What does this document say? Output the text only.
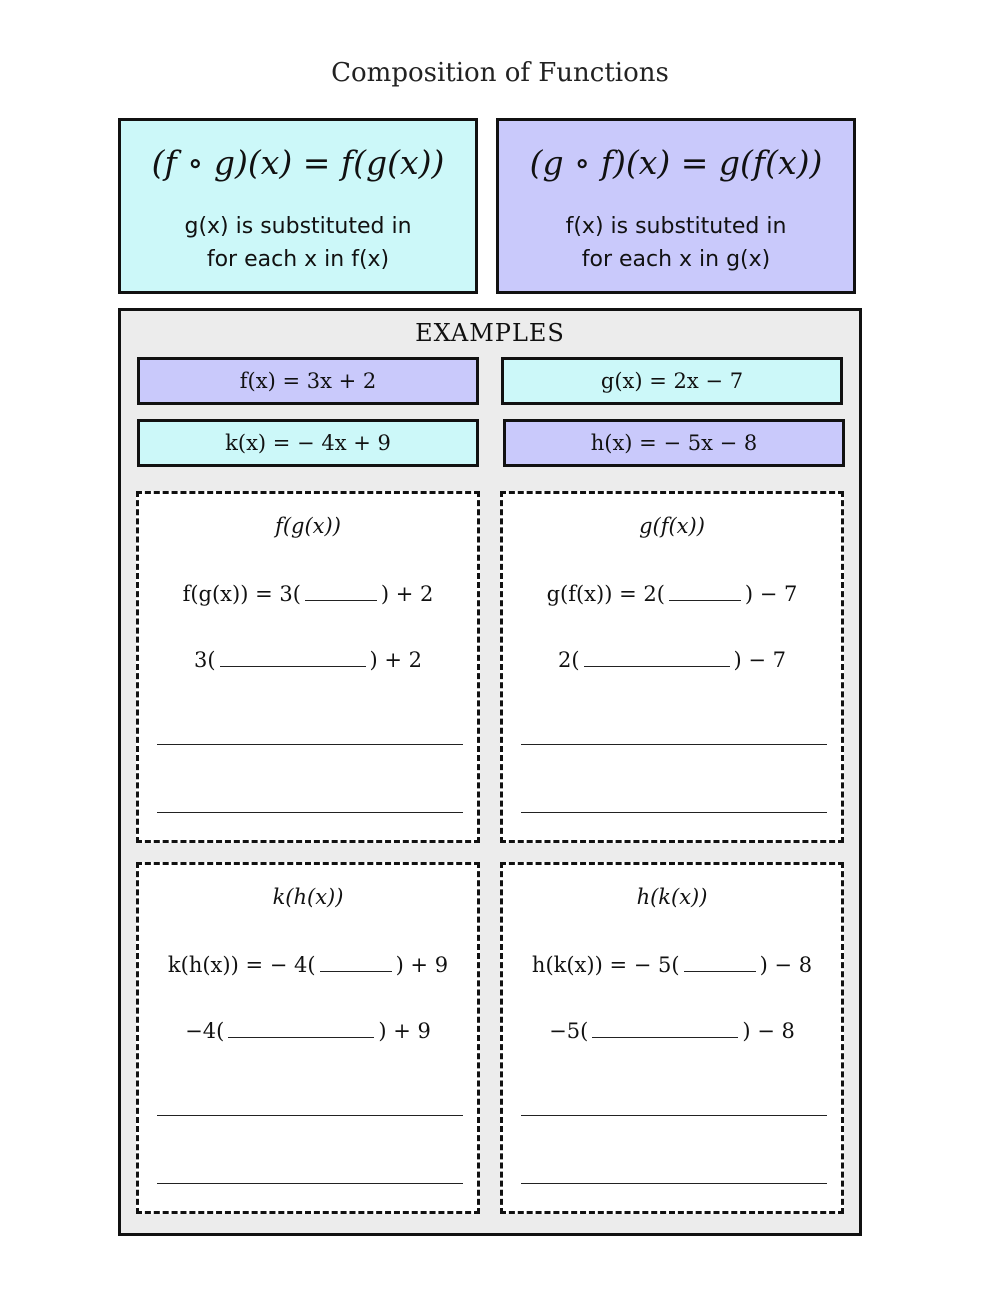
Composition of Functions
(f ∘ g)(x) = f(g(x))
g(x) is substituted in
for each x in f(x)
(g ∘ f)(x) = g(f(x))
f(x) is substituted in
for each x in g(x)
EXAMPLES
f(x) = 3x + 2	g(x) = 2x − 7
k(x) = − 4x + 9	h(x) = − 5x − 8
f(g(x))
f(g(x)) = 3(	) + 2
3(	) + 2
g(f(x))
g(f(x)) = 2(	) − 7
2(	) − 7
k(h(x))
k(h(x)) = − 4(	) + 9
−4(	) + 9
h(k(x))
h(k(x)) = − 5(	) − 8
−5(	) − 8
